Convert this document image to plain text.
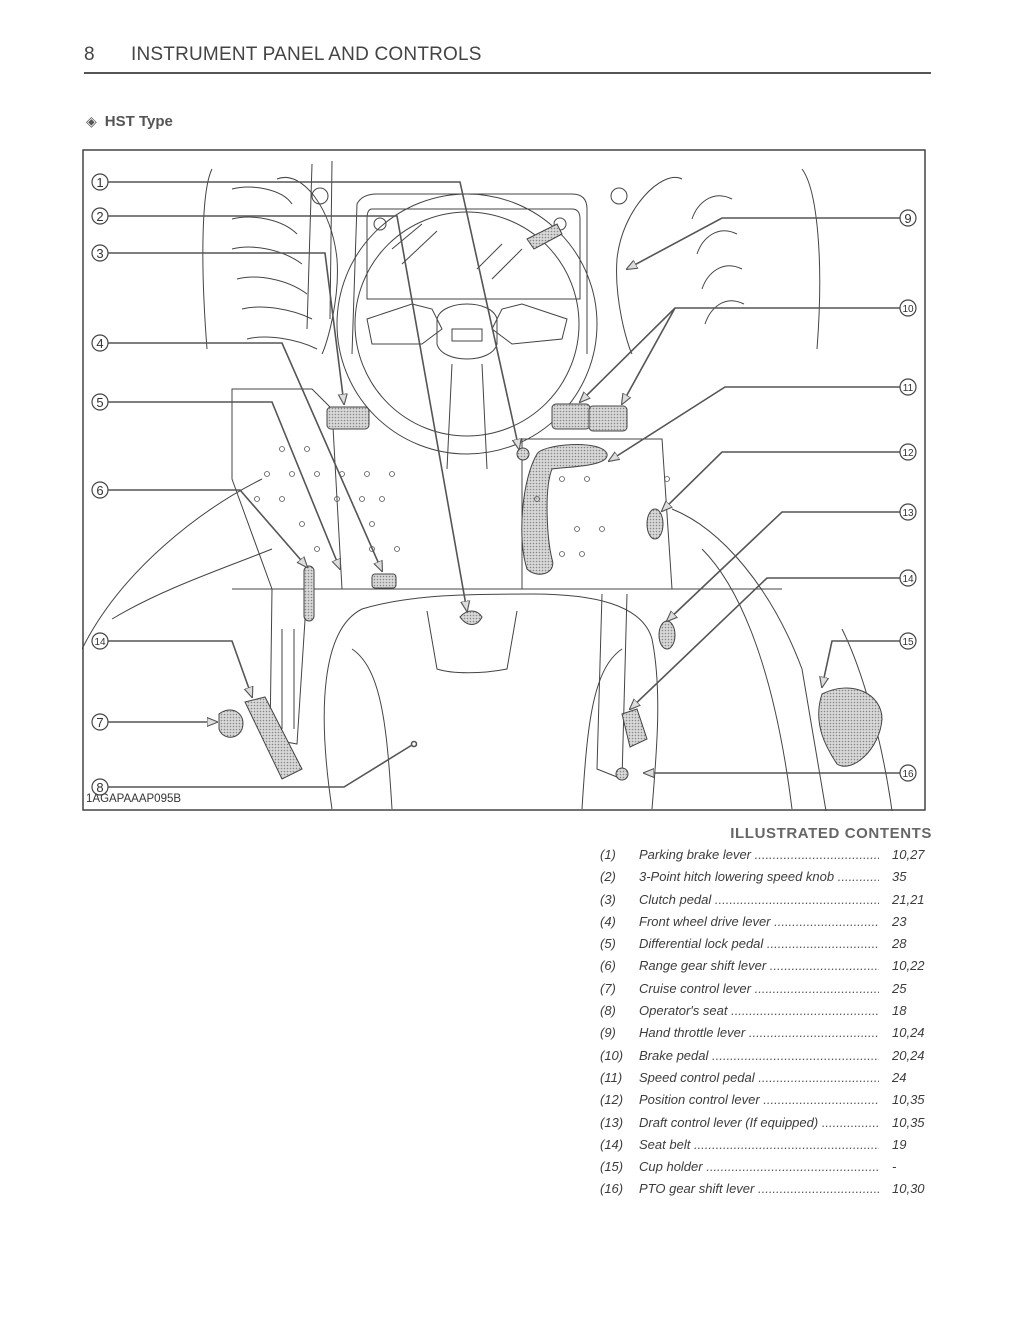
8 INSTRUMENT PANEL AND CONTROLS
◈ HST Type
1
2
3
4
5
6
7
8
14
9
10
11
12
13
14
15
16
1AGAPAAAP095B
ILLUSTRATED CONTENTS
(1) Parking brake lever .....	10,27
(2) 3-Point hitch lowering speed knob .....	35
(3) Clutch pedal .....	21,21
(4) Front wheel drive lever .....	23
(5) Differential lock pedal .....	28
(6) Range gear shift lever .....	10,22
(7) Cruise control lever .....	25
(8) Operator's seat .....	18
(9) Hand throttle lever .....	10,24
(10) Brake pedal .....	20,24
(11) Speed control pedal .....	24
(12) Position control lever .....	10,35
(13) Draft control lever (If equipped) .....	10,35
(14) Seat belt .....	19
(15) Cup holder .....	-
(16) PTO gear shift lever .....	10,30
